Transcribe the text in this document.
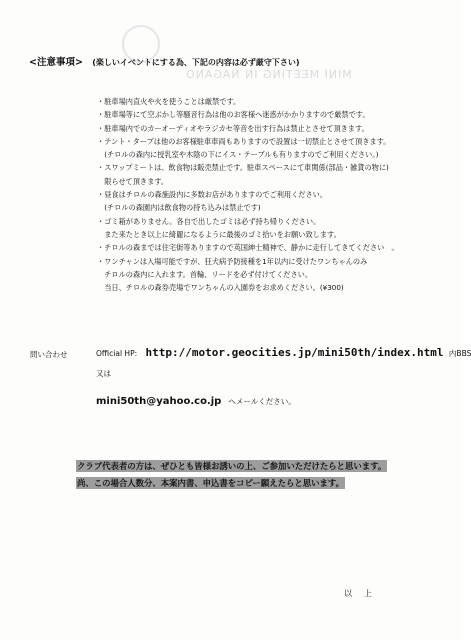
MINI MEETING IN NAGANO
<注意事項> (楽しいイベントにする為、下記の内容は必ず厳守下さい)
・駐車場内直火や火を使うことは厳禁です。
・駐車場等にて空ぶかし等騒音行為は他のお客様へ迷惑がかかりますので厳禁です。
・駐車場内でのカーオーディオやラジカセ等音を出す行為は禁止とさせて頂きます。
・テント・タープは他のお客様駐車車両もありますので設置は一切禁止とさせて頂きます。
　(チロルの森内に授乳室や木陰の下にイス・テーブルも有りますのでご利用ください。)
・スワップミートは、飲食物は販売禁止です。駐車スペースにて車関係(部品・雑貨の物に)
　限らせて頂きます。
・昼食はチロルの森施設内に多数お店がありますのでご利用ください。
　(チロルの森園内は飲食物の持ち込みは禁止です)
・ゴミ箱がありません。各自で出したゴミは必ず持ち帰りください。
　また来たとき以上に綺麗になるように最後のゴミ拾いをお願い致します。
・チロルの森までは住宅街等ありますので英国紳士精神で、静かに走行してきてください　。
・ワンチャンは入場可能ですが、狂犬病予防接種を1年以内に受けたワンちゃんのみ
　チロルの森内に入れます。首輪、リードを必ず付けてください。
　当日、チロルの森券売場でワンちゃんの入園券をお求めください。(¥300)
問い合わせ	Official HP: http://motor.geocities.jp/mini50th/index.html 内BBS
又は
mini50th@yahoo.co.jp へメールください。
クラブ代表者の方は、ぜひとも皆様お誘いの上、ご参加いただけたらと思います。
尚、この場合人数分、本案内書、申込書をコピー願えたらと思います。
以上
